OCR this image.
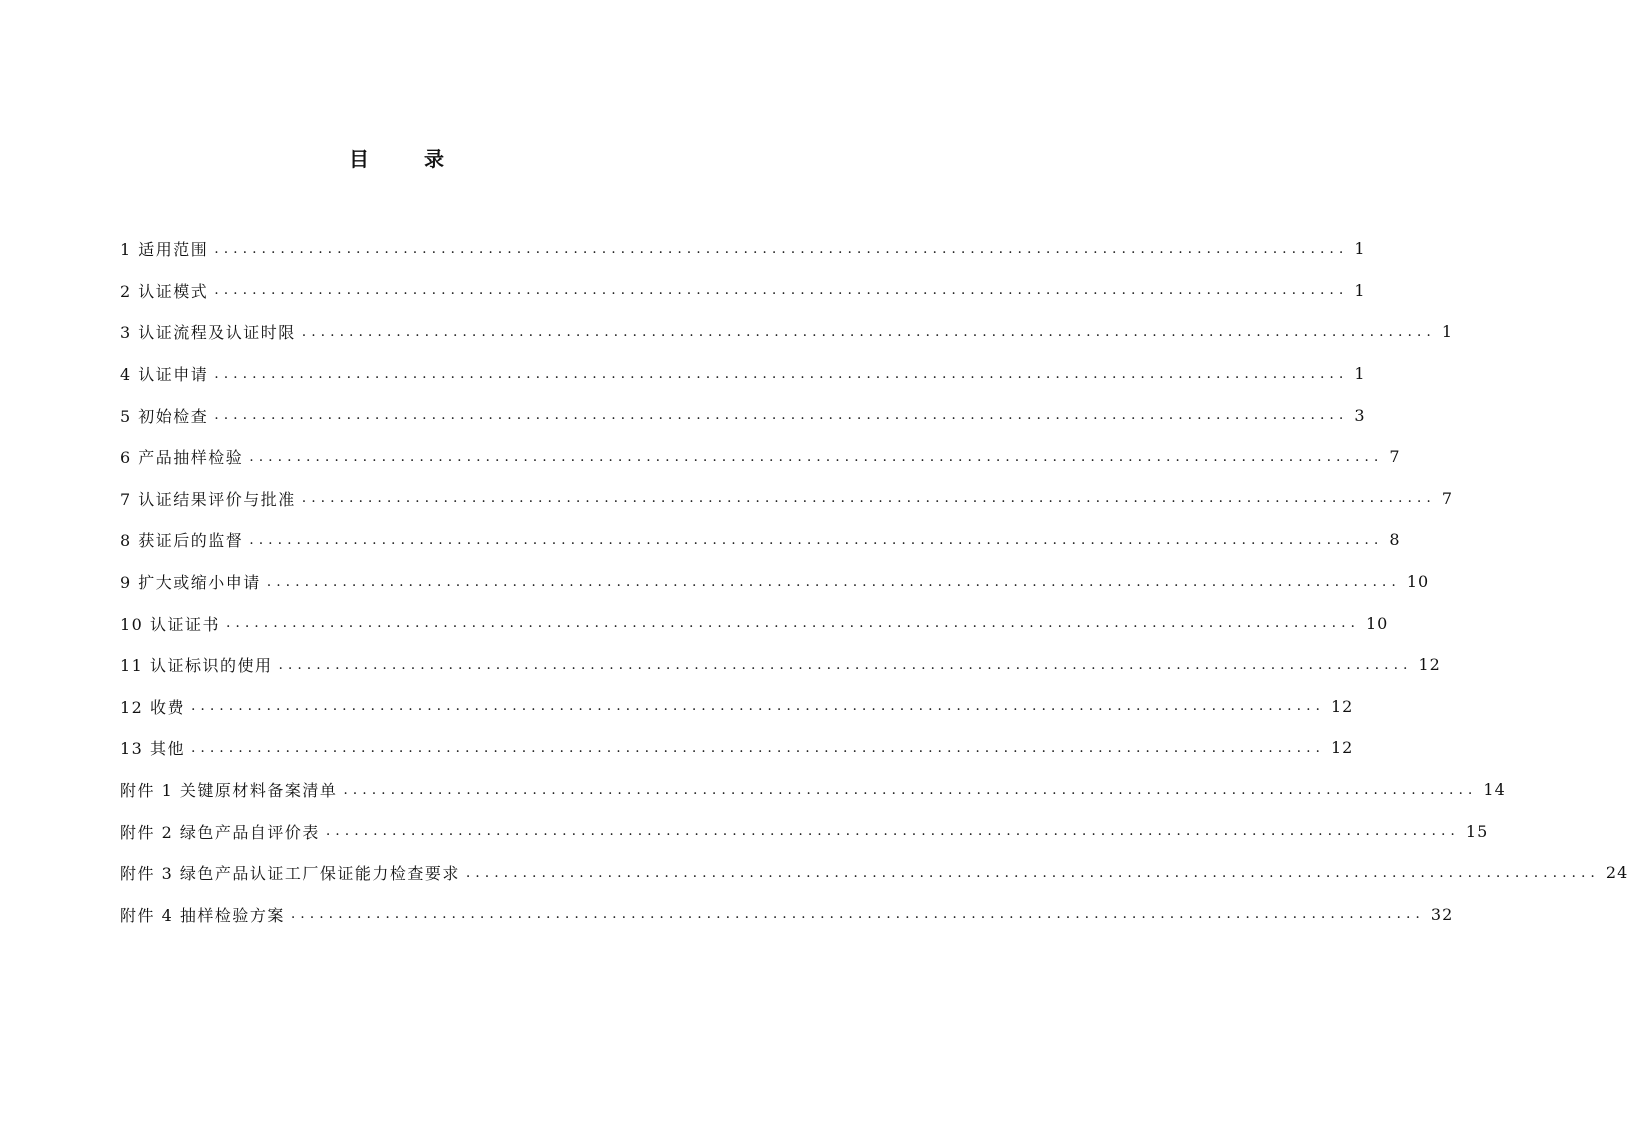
目 录
1 适用范围 ........................................................................................................................ 1
2 认证模式 ........................................................................................................................ 1
3 认证流程及认证时限 ........................................................................................................................ 1
4 认证申请 ........................................................................................................................ 1
5 初始检查 ........................................................................................................................ 3
6 产品抽样检验 ........................................................................................................................ 7
7 认证结果评价与批准 ........................................................................................................................ 7
8 获证后的监督 ........................................................................................................................ 8
9 扩大或缩小申请 ........................................................................................................................ 10
10 认证证书 ........................................................................................................................ 10
11 认证标识的使用 ........................................................................................................................ 12
12 收费 ........................................................................................................................ 12
13 其他 ........................................................................................................................ 12
附件 1 关键原材料备案清单 ........................................................................................................................ 14
附件 2 绿色产品自评价表 ........................................................................................................................ 15
附件 3 绿色产品认证工厂保证能力检查要求 ........................................................................................................................ 24
附件 4 抽样检验方案 ........................................................................................................................ 32
